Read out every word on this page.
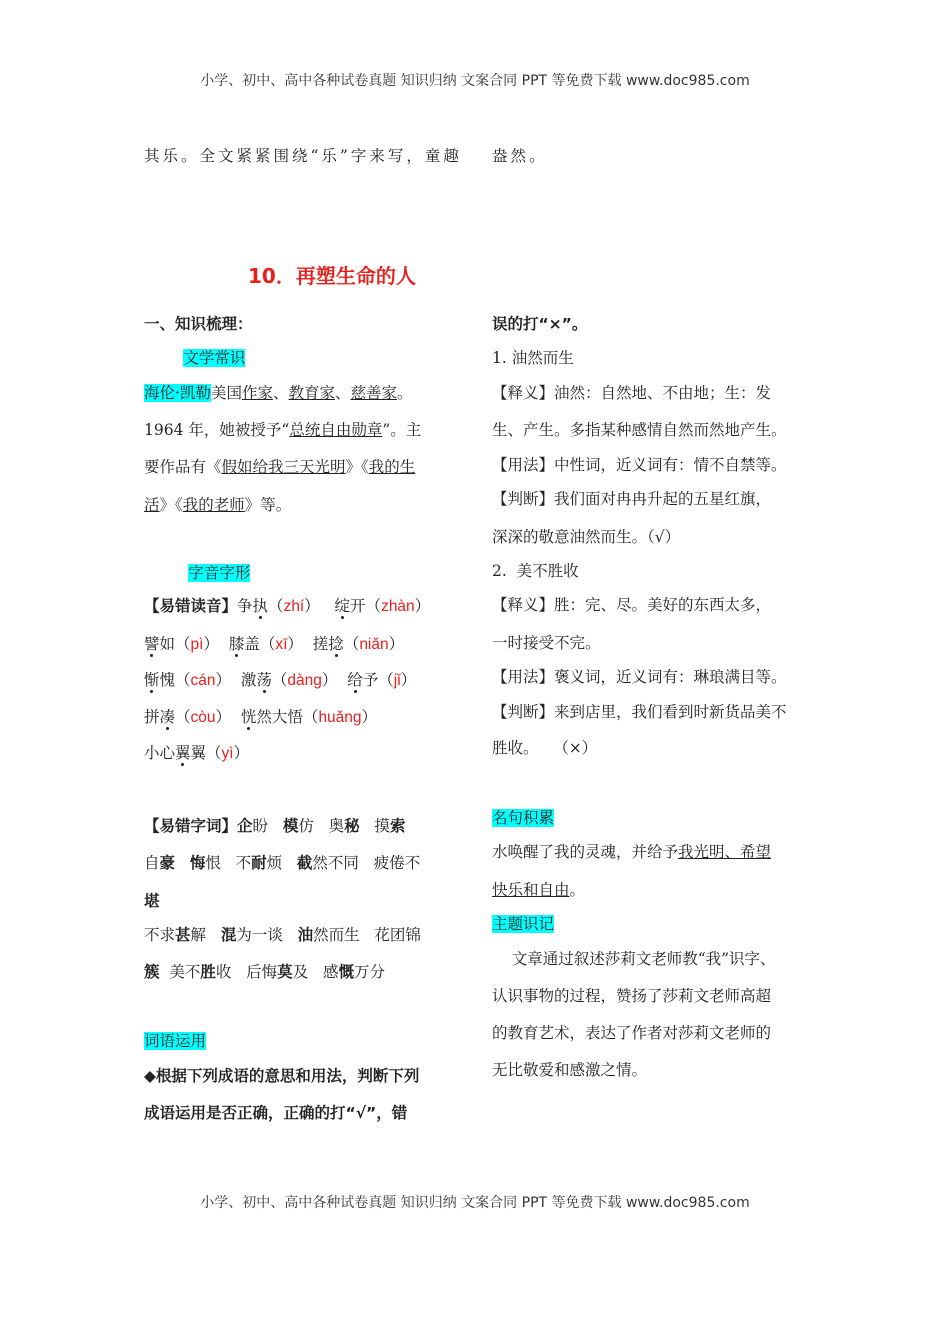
小学、初中、高中各种试卷真题 知识归纳 文案合同 PPT 等免费下载 www.doc985.com
其乐。全文紧紧围绕“乐”字来写，童趣 盎然。
10．再塑生命的人
一、知识梳理：
文学常识
海伦·凯勒美国作家、教育家、慈善家。
1964 年，她被授予“总统自由勋章”。主
要作品有《假如给我三天光明》《我的生
活》《我的老师》等。
字音字形
【易错读音】争执（zhí）   绽开（zhàn）
譬如（pì）  膝盖（xī）  搓捻（niǎn）
惭愧（cán）  激荡（dàng）  给予（jǐ）
拼凑（còu）  恍然大悟（huǎng）
小心翼翼（yì）
【易错字词】企盼   模仿   奥秘   摸索
自豪 悔恨   不耐烦   截然不同   疲倦不
堪
不求甚解   混为一谈   油然而生   花团锦
簇  美不胜收   后悔莫及   感慨万分
词语运用
◆根据下列成语的意思和用法，判断下列
成语运用是否正确，正确的打“√”，错
误的打“×”。
1. 油然而生
【释义】油然：自然地、不由地；生：发
生、产生。多指某种感情自然而然地产生。
【用法】中性词，近义词有：情不自禁等。
【判断】我们面对冉冉升起的五星红旗，
深深的敬意油然而生。（√）
2.  美不胜收
【释义】胜：完、尽。美好的东西太多，
一时接受不完。
【用法】褒义词，近义词有：琳琅满目等。
【判断】来到店里，我们看到时新货品美不
胜收。   （×）
名句积累
水唤醒了我的灵魂，并给予我光明、希望
快乐和自由。
主题识记
文章通过叙述莎莉文老师教“我”识字、
认识事物的过程，赞扬了莎莉文老师高超
的教育艺术，表达了作者对莎莉文老师的
无比敬爱和感激之情。
小学、初中、高中各种试卷真题 知识归纳 文案合同 PPT 等免费下载 www.doc985.com
